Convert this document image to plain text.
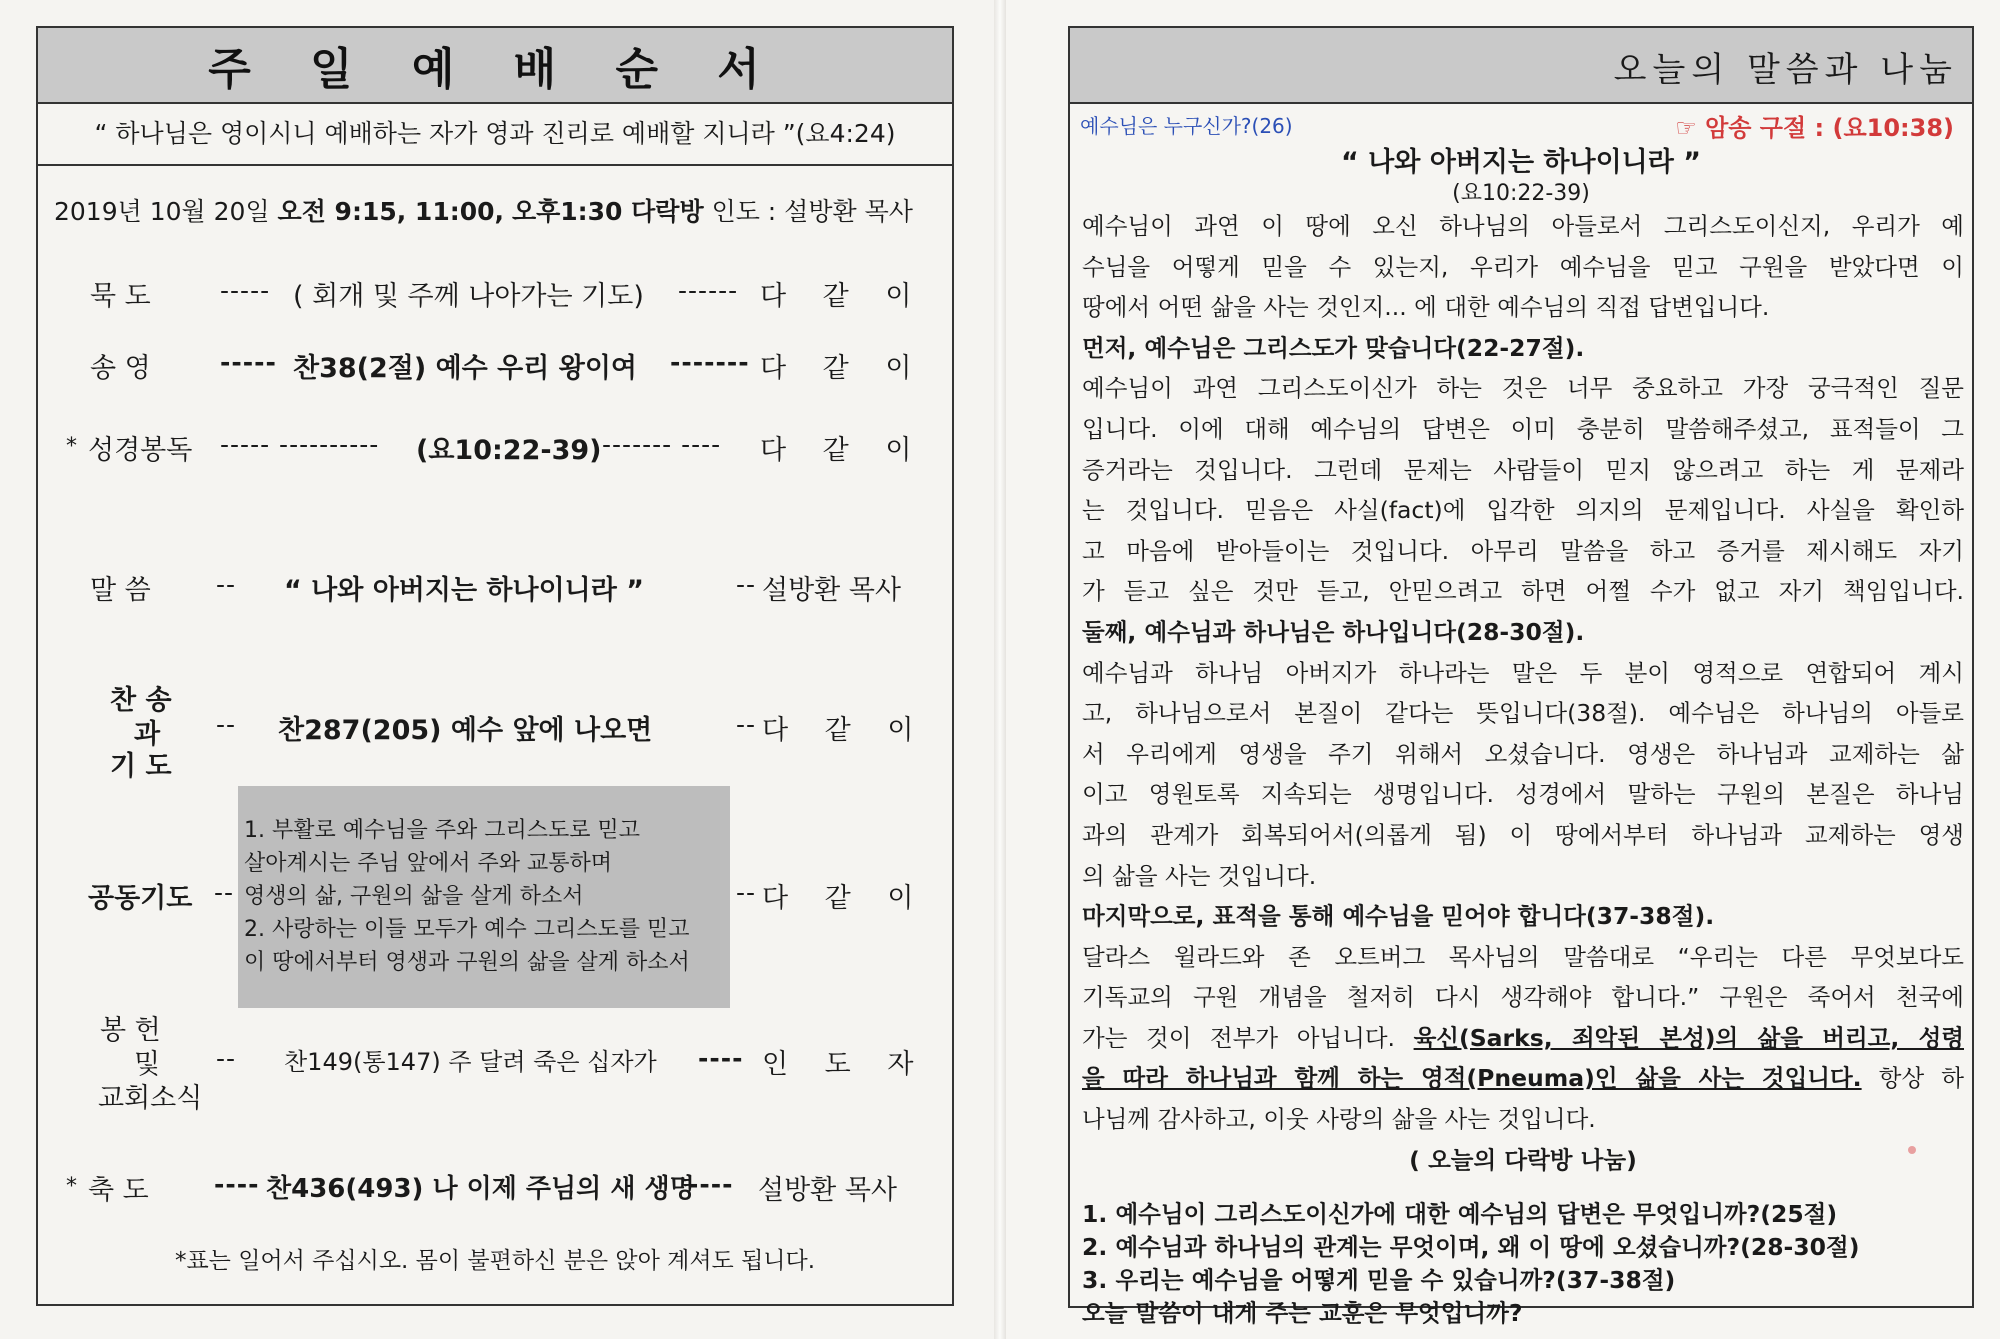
주 일 예 배 순 서
“ 하나님은 영이시니 예배하는 자가 영과 진리로 예배할 지니라 ”(요4:24)
2019년 10월 20일 오전 9:15, 11:00, 오후1:30 다락방 인도 : 설방환 목사
묵 도	----- ( 회개 및 주께 나아가는 기도) ------ 다 같 이
송 영	----- 찬38(2절) 예수 우리 왕이여 ------- 다 같 이
* 성경봉독 ----- ---------- (요10:22-39) ------- ---- 다 같 이
말 씀	-- “ 나와 아버지는 하나이니라 ”	-- 설방환 목사
찬 송
과
기 도
-- 찬287(205) 예수 앞에 나오면	-- 다 같 이
공동기도 --
1. 부활로 예수님을 주와 그리스도로 믿고
살아계시는 주님 앞에서 주와 교통하며
영생의 삶, 구원의 삶을 살게 하소서
2. 사랑하는 이들 모두가 예수 그리스도를 믿고
이 땅에서부터 영생과 구원의 삶을 살게 하소서
-- 다 같 이
봉 헌
및
교회소식
-- 찬149(통147) 주 달려 죽은 십자가 ---- 인 도 자
* 축 도	---- 찬436(493) 나 이제 주님의 새 생명
---- 설방환 목사
*표는 일어서 주십시오. 몸이 불편하신 분은 앉아 계셔도 됩니다.
오늘의 말씀과 나눔
예수님은 누구신가?(26)	☞ 암송 구절 : (요10:38)
“ 나와 아버지는 하나이니라 ”
(요10:22-39)
예수님이 과연 이 땅에 오신 하나님의 아들로서 그리스도이신지, 우리가 예
수님을 어떻게 믿을 수 있는지, 우리가 예수님을 믿고 구원을 받았다면 이
땅에서 어떤 삶을 사는 것인지... 에 대한 예수님의 직접 답변입니다.
먼저, 예수님은 그리스도가 맞습니다(22-27절).
예수님이 과연 그리스도이신가 하는 것은 너무 중요하고 가장 궁극적인 질문
입니다. 이에 대해 예수님의 답변은 이미 충분히 말씀해주셨고, 표적들이 그
증거라는 것입니다. 그런데 문제는 사람들이 믿지 않으려고 하는 게 문제라
는 것입니다. 믿음은 사실(fact)에 입각한 의지의 문제입니다. 사실을 확인하
고 마음에 받아들이는 것입니다. 아무리 말씀을 하고 증거를 제시해도 자기
가 듣고 싶은 것만 듣고, 안믿으려고 하면 어쩔 수가 없고 자기 책임입니다.
둘째, 예수님과 하나님은 하나입니다(28-30절).
예수님과 하나님 아버지가 하나라는 말은 두 분이 영적으로 연합되어 계시
고, 하나님으로서 본질이 같다는 뜻입니다(38절). 예수님은 하나님의 아들로
서 우리에게 영생을 주기 위해서 오셨습니다. 영생은 하나님과 교제하는 삶
이고 영원토록 지속되는 생명입니다. 성경에서 말하는 구원의 본질은 하나님
과의 관계가 회복되어서(의롭게 됨) 이 땅에서부터 하나님과 교제하는 영생
의 삶을 사는 것입니다.
마지막으로, 표적을 통해 예수님을 믿어야 합니다(37-38절).
달라스 윌라드와 존 오트버그 목사님의 말씀대로 “우리는 다른 무엇보다도
기독교의 구원 개념을 철저히 다시 생각해야 합니다.” 구원은 죽어서 천국에
가는 것이 전부가 아닙니다. 육신(Sarks, 죄악된 본성)의 삶을 버리고, 성령
을 따라 하나님과 함께 하는 영적(Pneuma)인 삶을 사는 것입니다. 항상 하
나님께 감사하고, 이웃 사랑의 삶을 사는 것입니다.
( 오늘의 다락방 나눔)
1. 예수님이 그리스도이신가에 대한 예수님의 답변은 무엇입니까?(25절)
2. 예수님과 하나님의 관계는 무엇이며, 왜 이 땅에 오셨습니까?(28-30절)
3. 우리는 예수님을 어떻게 믿을 수 있습니까?(37-38절)
오늘 말씀이 내게 주는 교훈은 무엇입니까?
